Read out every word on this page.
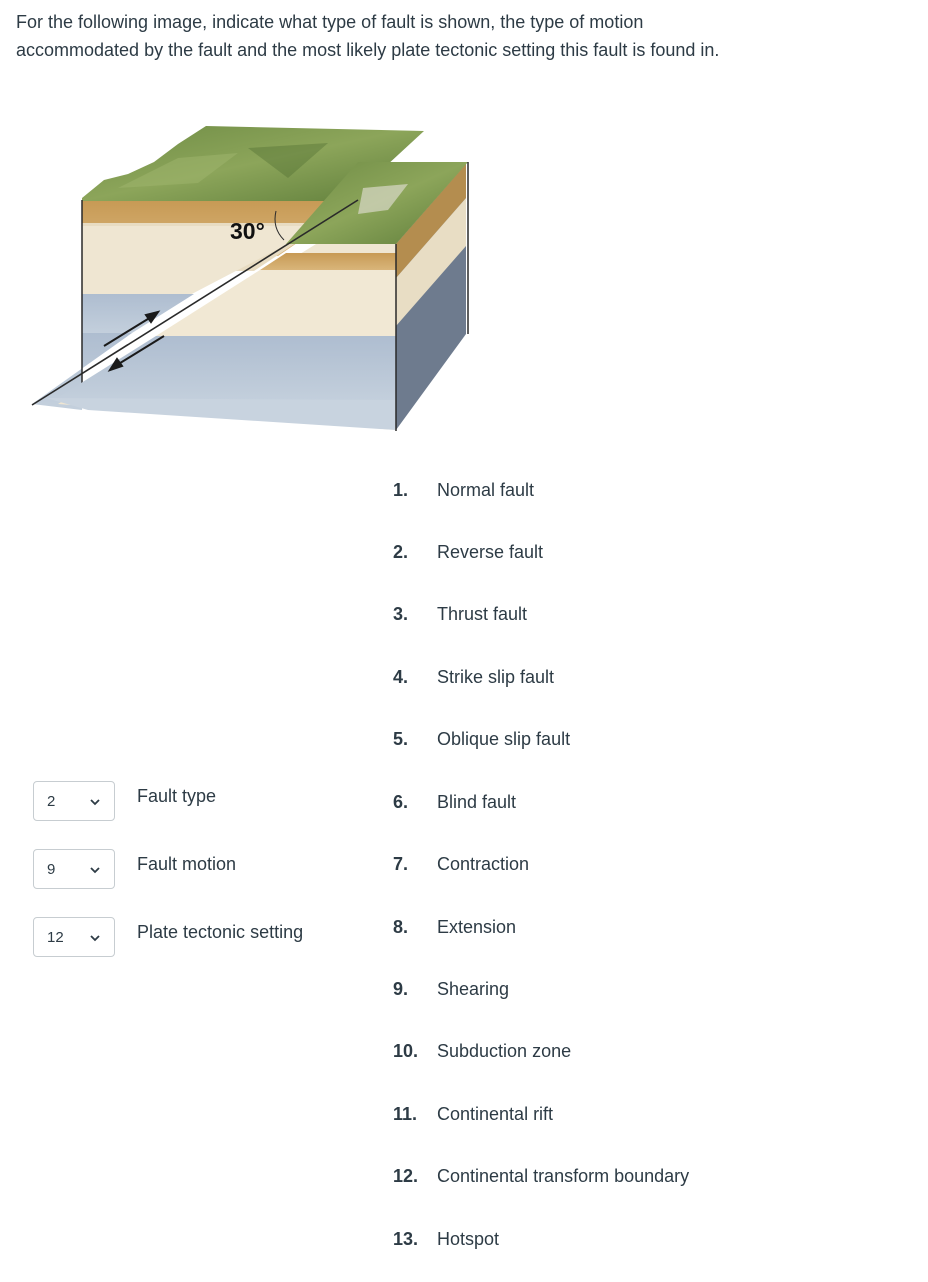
For the following image, indicate what type of fault is shown, the type of motion accommodated by the fault and the most likely plate tectonic setting this fault is found in.

30°
2	Fault type
9	Fault motion
12	Plate tectonic setting
1. Normal fault
2. Reverse fault
3. Thrust fault
4. Strike slip fault
5. Oblique slip fault
6. Blind fault
7. Contraction
8. Extension
9. Shearing
10. Subduction zone
11. Continental rift
12. Continental transform boundary
13. Hotspot
